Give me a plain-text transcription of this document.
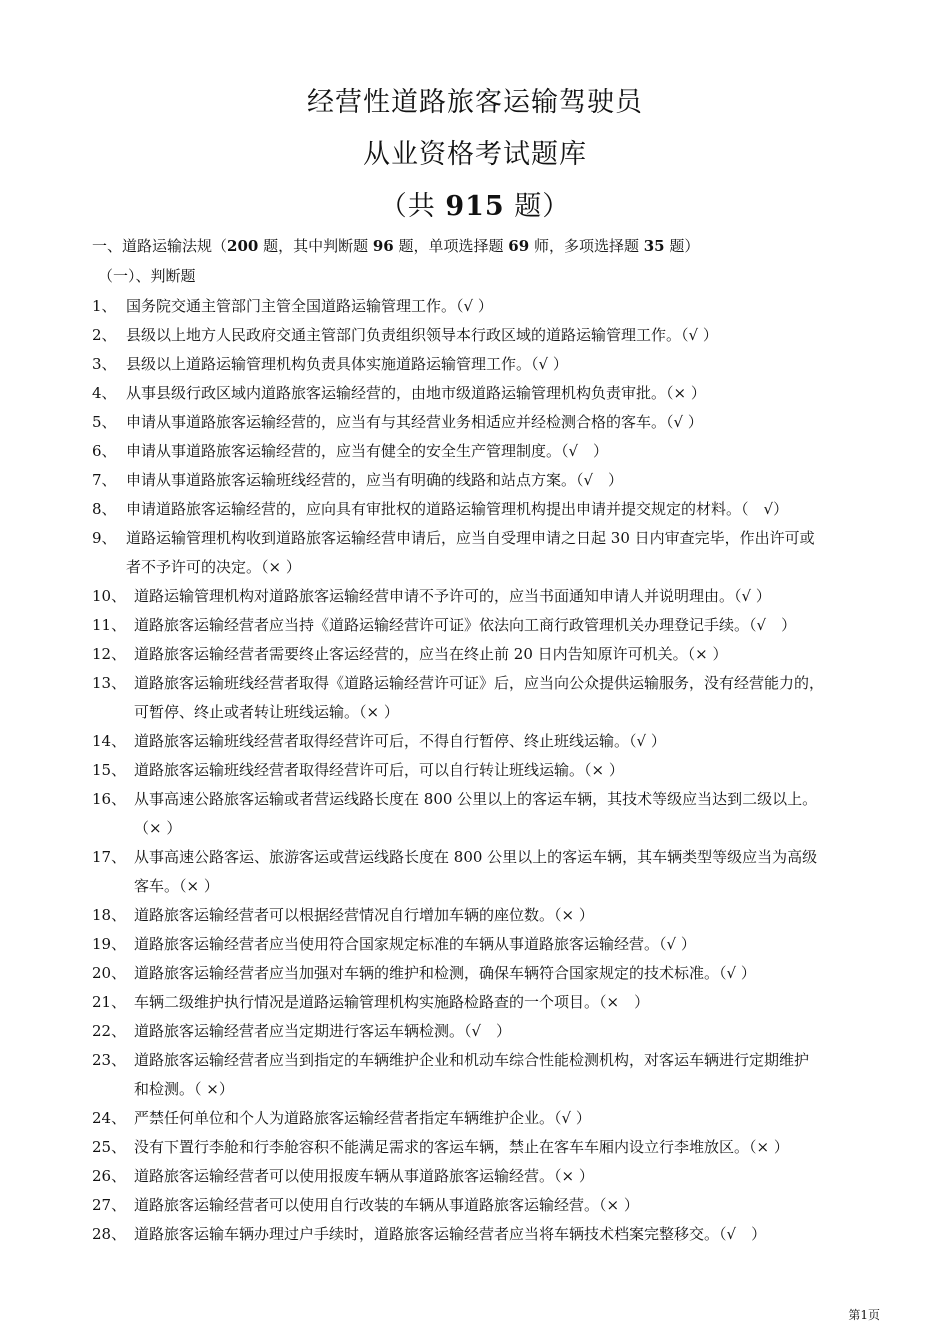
经营性道路旅客运输驾驶员
从业资格考试题库
（共 915 题）
一、道路运输法规（200 题，其中判断题 96 题，单项选择题 69 师，多项选择题 35 题）
（一）、判断题
1、 国务院交通主管部门主管全国道路运输管理工作。（√ ）
2、 县级以上地方人民政府交通主管部门负责组织领导本行政区域的道路运输管理工作。（√ ）
3、 县级以上道路运输管理机构负责具体实施道路运输管理工作。（√ ）
4、 从事县级行政区域内道路旅客运输经营的，由地市级道路运输管理机构负责审批。（× ）
5、 申请从事道路旅客运输经营的，应当有与其经营业务相适应并经检测合格的客车。（√ ）
6、 申请从事道路旅客运输经营的，应当有健全的安全生产管理制度。（√　）
7、 申请从事道路旅客运输班线经营的，应当有明确的线路和站点方案。（√　）
8、 申请道路旅客运输经营的，应向具有审批权的道路运输管理机构提出申请并提交规定的材料。（　√）
9、 道路运输管理机构收到道路旅客运输经营申请后，应当自受理申请之日起 30 日内审查完毕，作出许可或
者不予许可的决定。（× ）
10、 道路运输管理机构对道路旅客运输经营申请不予许可的，应当书面通知申请人并说明理由。（√ ）
11、 道路旅客运输经营者应当持《道路运输经营许可证》依法向工商行政管理机关办理登记手续。（√　）
12、 道路旅客运输经营者需要终止客运经营的，应当在终止前 20 日内告知原许可机关。（× ）
13、 道路旅客运输班线经营者取得《道路运输经营许可证》后，应当向公众提供运输服务，没有经营能力的，
可暂停、终止或者转让班线运输。（× ）
14、 道路旅客运输班线经营者取得经营许可后，不得自行暂停、终止班线运输。（√ ）
15、 道路旅客运输班线经营者取得经营许可后，可以自行转让班线运输。（× ）
16、 从事高速公路旅客运输或者营运线路长度在 800 公里以上的客运车辆，其技术等级应当达到二级以上。
（× ）
17、 从事高速公路客运、旅游客运或营运线路长度在 800 公里以上的客运车辆，其车辆类型等级应当为高级
客车。（× ）
18、 道路旅客运输经营者可以根据经营情况自行增加车辆的座位数。（× ）
19、 道路旅客运输经营者应当使用符合国家规定标准的车辆从事道路旅客运输经营。（√ ）
20、 道路旅客运输经营者应当加强对车辆的维护和检测，确保车辆符合国家规定的技术标准。（√ ）
21、 车辆二级维护执行情况是道路运输管理机构实施路检路查的一个项目。（×　）
22、 道路旅客运输经营者应当定期进行客运车辆检测。（√　）
23、 道路旅客运输经营者应当到指定的车辆维护企业和机动车综合性能检测机构，对客运车辆进行定期维护
和检测。（ ×）
24、 严禁任何单位和个人为道路旅客运输经营者指定车辆维护企业。（√ ）
25、 没有下置行李舱和行李舱容积不能满足需求的客运车辆，禁止在客车车厢内设立行李堆放区。（× ）
26、 道路旅客运输经营者可以使用报废车辆从事道路旅客运输经营。（× ）
27、 道路旅客运输经营者可以使用自行改装的车辆从事道路旅客运输经营。（× ）
28、 道路旅客运输车辆办理过户手续时，道路旅客运输经营者应当将车辆技术档案完整移交。（√　）
第1页
